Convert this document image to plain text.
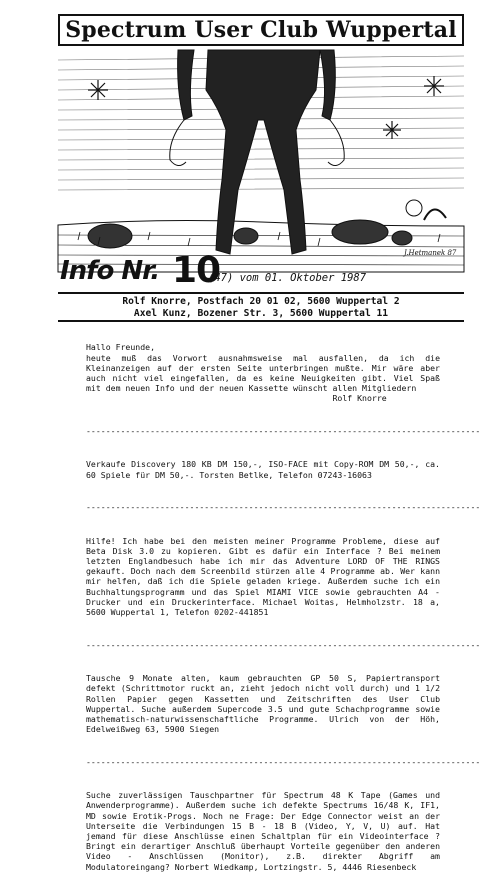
Spectrum User Club Wuppertal
J.Hetmanek 87
Info Nr. 10
(47) vom 01. Oktober 1987
Rolf Knorre, Postfach 20 01 02, 5600 Wuppertal 2
Axel Kunz, Bozener Str. 3, 5600 Wuppertal 11

Hallo Freunde,
heute muß das Vorwort ausnahmsweise mal ausfallen, da ich die Kleinanzeigen auf der ersten Seite unterbringen mußte. Mir wäre aber auch nicht viel eingefallen, da es keine Neuigkeiten gibt. Viel Spaß mit dem neuen Info und der neuen Kassette wünscht allen Mitgliedern
Rolf Knorre

--------------------------------------------------------------------------------

Verkaufe Discovery 180 KB DM 150,-, ISO-FACE mit Copy-ROM DM 50,-, ca. 60 Spiele für DM 50,-. Torsten Betlke, Telefon 07243-16063

--------------------------------------------------------------------------------

Hilfe! Ich habe bei den meisten meiner Programme Probleme, diese auf Beta Disk 3.0 zu kopieren. Gibt es dafür ein Interface ? Bei meinem letzten Englandbesuch habe ich mir das Adventure LORD OF THE RINGS gekauft. Doch nach dem Screenbild stürzen alle 4 Programme ab. Wer kann mir helfen, daß ich die Spiele geladen kriege. Außerdem suche ich ein Buchhaltungsprogramm und das Spiel MIAMI VICE sowie gebrauchten A4 - Drucker und ein Druckerinterface. Michael Woitas, Helmholzstr. 18 a, 5600 Wuppertal 1, Telefon 0202-441851

--------------------------------------------------------------------------------

Tausche 9 Monate alten, kaum gebrauchten GP 50 S, Papiertransport defekt (Schrittmotor ruckt an, zieht jedoch nicht voll durch) und 1 1/2 Rollen Papier gegen Kassetten und Zeitschriften des User Club Wuppertal. Suche außerdem Supercode 3.5 und gute Schachprogramme sowie mathematisch-naturwissenschaftliche Programme. Ulrich von der Höh, Edelweißweg 63, 5900 Siegen

--------------------------------------------------------------------------------

Suche zuverlässigen Tauschpartner für Spectrum 48 K Tape (Games und Anwenderprogramme). Außerdem suche ich defekte Spectrums 16/48 K, IF1, MD sowie Erotik-Progs. Noch ne Frage: Der Edge Connector weist an der Unterseite die Verbindungen 15 B - 18 B (Video, Y, V, U) auf. Hat jemand für diese Anschlüsse einen Schaltplan für ein Videointerface ? Bringt ein derartiger Anschluß überhaupt Vorteile gegenüber den anderen Video - Anschlüssen (Monitor), z.B. direkter Abgriff am Modulatoreingang? Norbert Wiedkamp, Lortzingstr. 5, 4446 Riesenbeck
